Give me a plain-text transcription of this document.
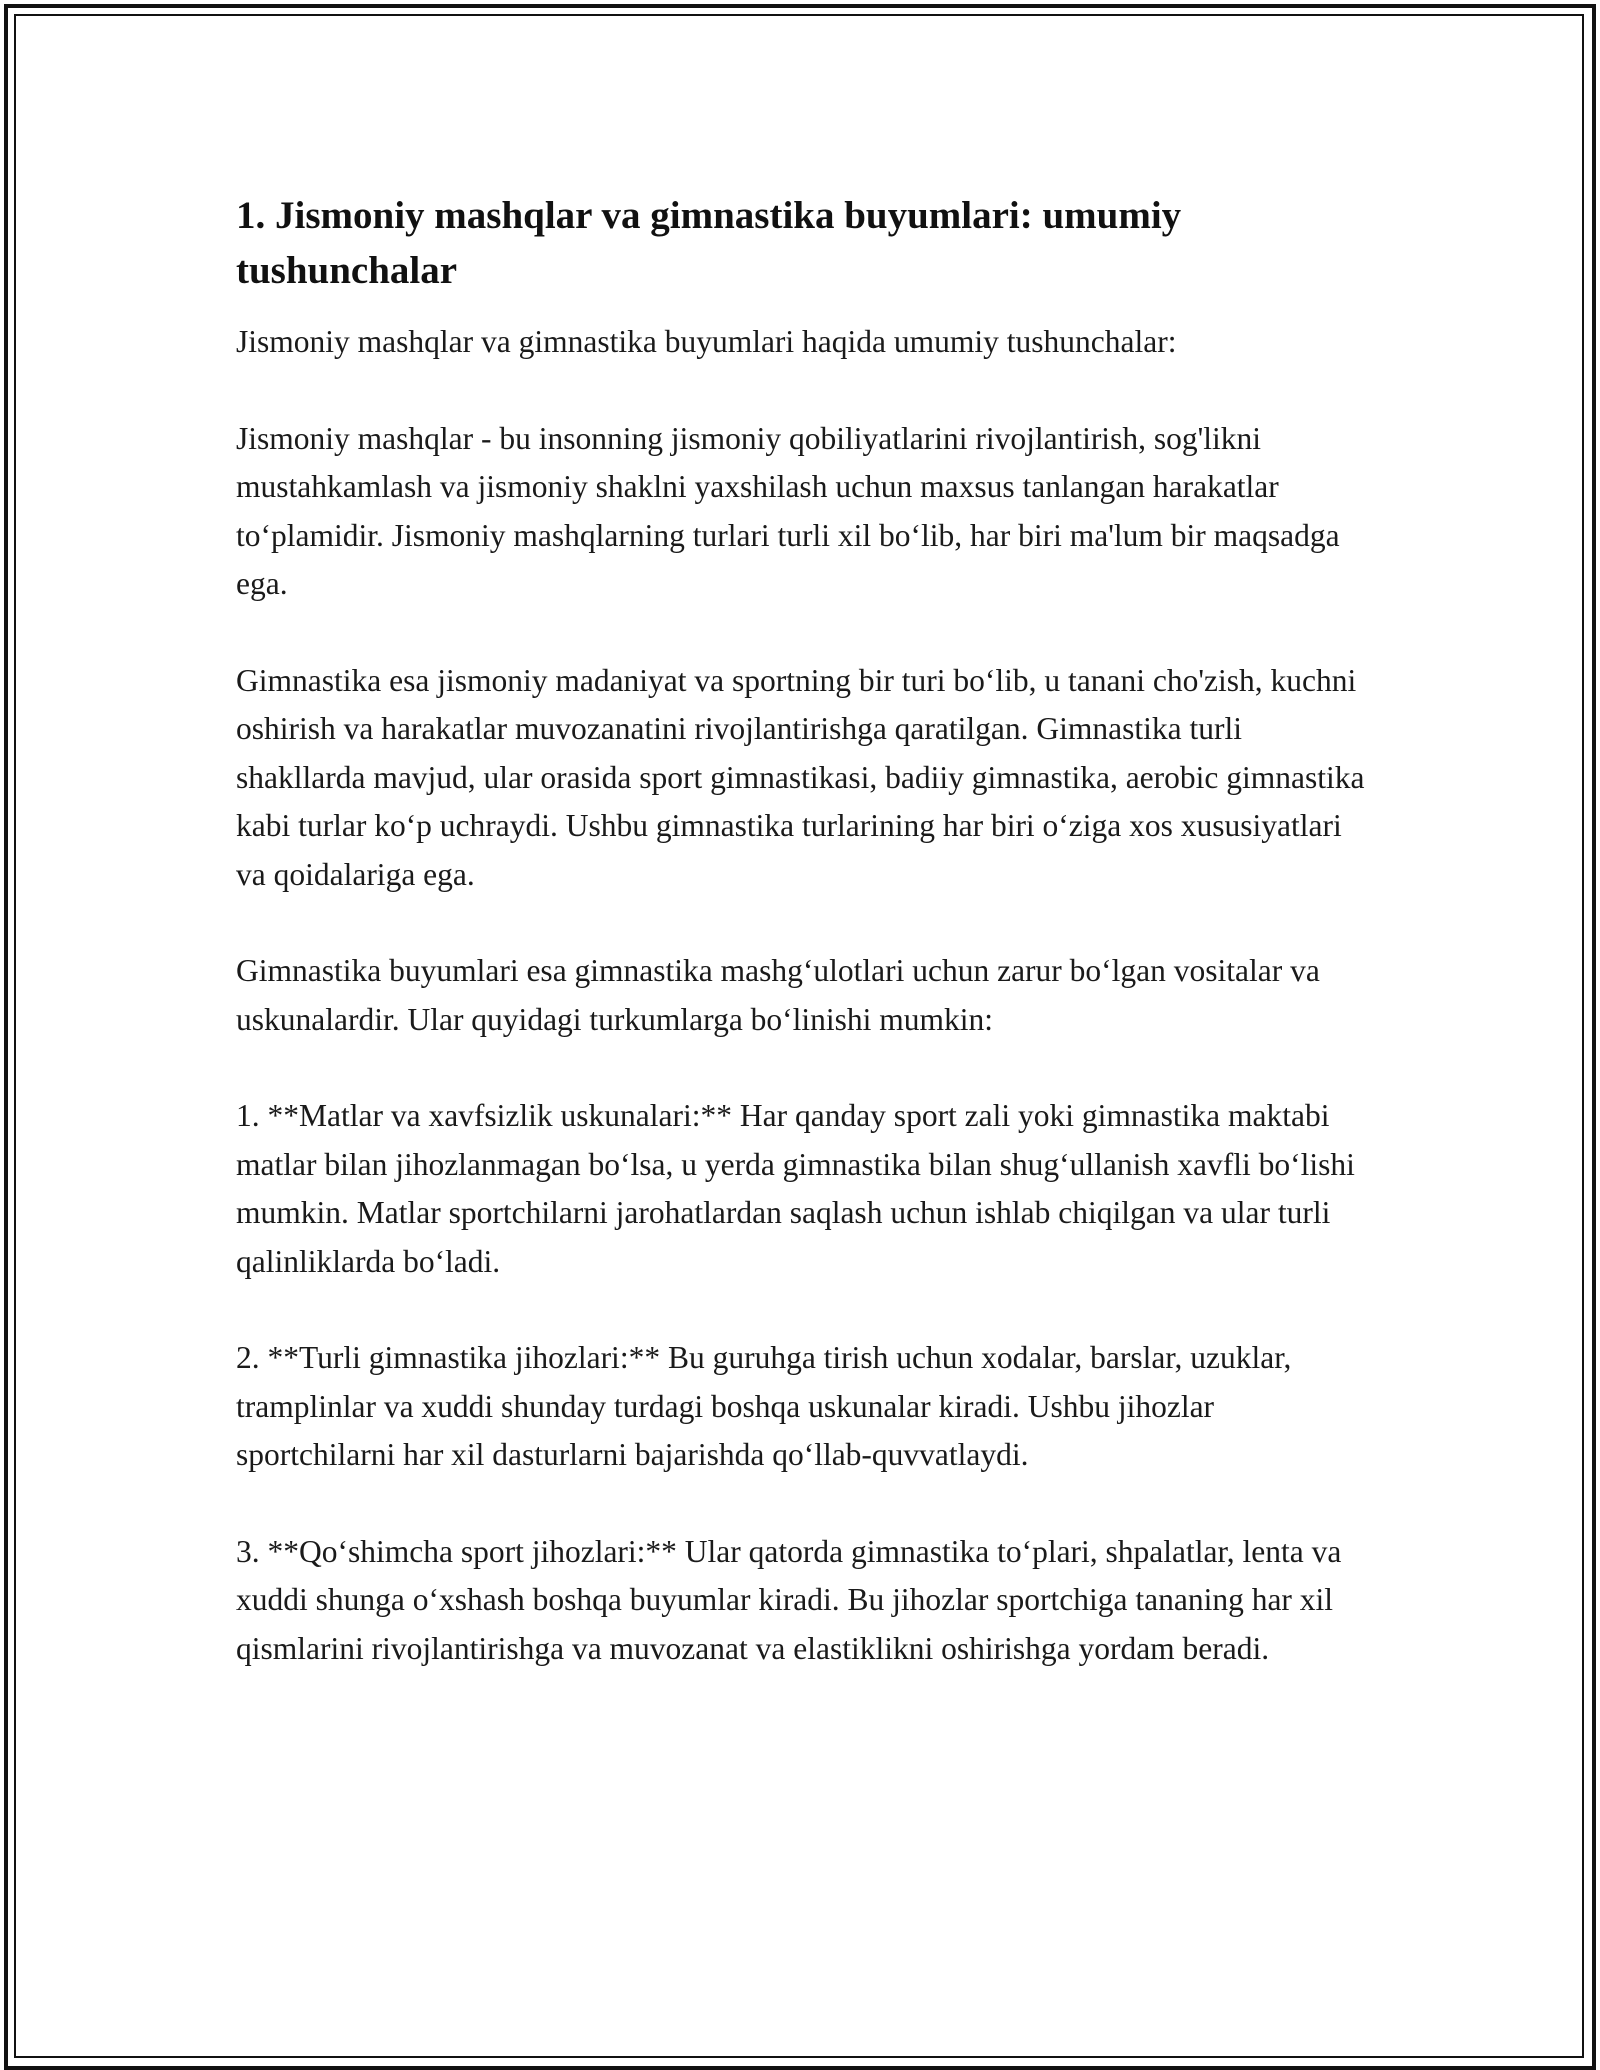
1. Jismoniy mashqlar va gimnastika buyumlari: umumiy tushunchalar

Jismoniy mashqlar va gimnastika buyumlari haqida umumiy tushunchalar:

Jismoniy mashqlar - bu insonning jismoniy qobiliyatlarini rivojlantirish, sog'likni mustahkamlash va jismoniy shaklni yaxshilash uchun maxsus tanlangan harakatlar to‘plamidir. Jismoniy mashqlarning turlari turli xil bo‘lib, har biri ma'lum bir maqsadga ega.

Gimnastika esa jismoniy madaniyat va sportning bir turi bo‘lib, u tanani cho'zish, kuchni oshirish va harakatlar muvozanatini rivojlantirishga qaratilgan. Gimnastika turli shakllarda mavjud, ular orasida sport gimnastikasi, badiiy gimnastika, aerobic gimnastika kabi turlar ko‘p uchraydi. Ushbu gimnastika turlarining har biri o‘ziga xos xususiyatlari va qoidalariga ega.

Gimnastika buyumlari esa gimnastika mashg‘ulotlari uchun zarur bo‘lgan vositalar va uskunalardir. Ular quyidagi turkumlarga bo‘linishi mumkin:

1. **Matlar va xavfsizlik uskunalari:** Har qanday sport zali yoki gimnastika maktabi matlar bilan jihozlanmagan bo‘lsa, u yerda gimnastika bilan shug‘ullanish xavfli bo‘lishi mumkin. Matlar sportchilarni jarohatlardan saqlash uchun ishlab chiqilgan va ular turli qalinliklarda bo‘ladi.

2. **Turli gimnastika jihozlari:** Bu guruhga tirish uchun xodalar, barslar, uzuklar, tramplinlar va xuddi shunday turdagi boshqa uskunalar kiradi. Ushbu jihozlar sportchilarni har xil dasturlarni bajarishda qo‘llab-quvvatlaydi.

3. **Qo‘shimcha sport jihozlari:** Ular qatorda gimnastika to‘plari, shpalatlar, lenta va xuddi shunga o‘xshash boshqa buyumlar kiradi. Bu jihozlar sportchiga tananing har xil qismlarini rivojlantirishga va muvozanat va elastiklikni oshirishga yordam beradi.
